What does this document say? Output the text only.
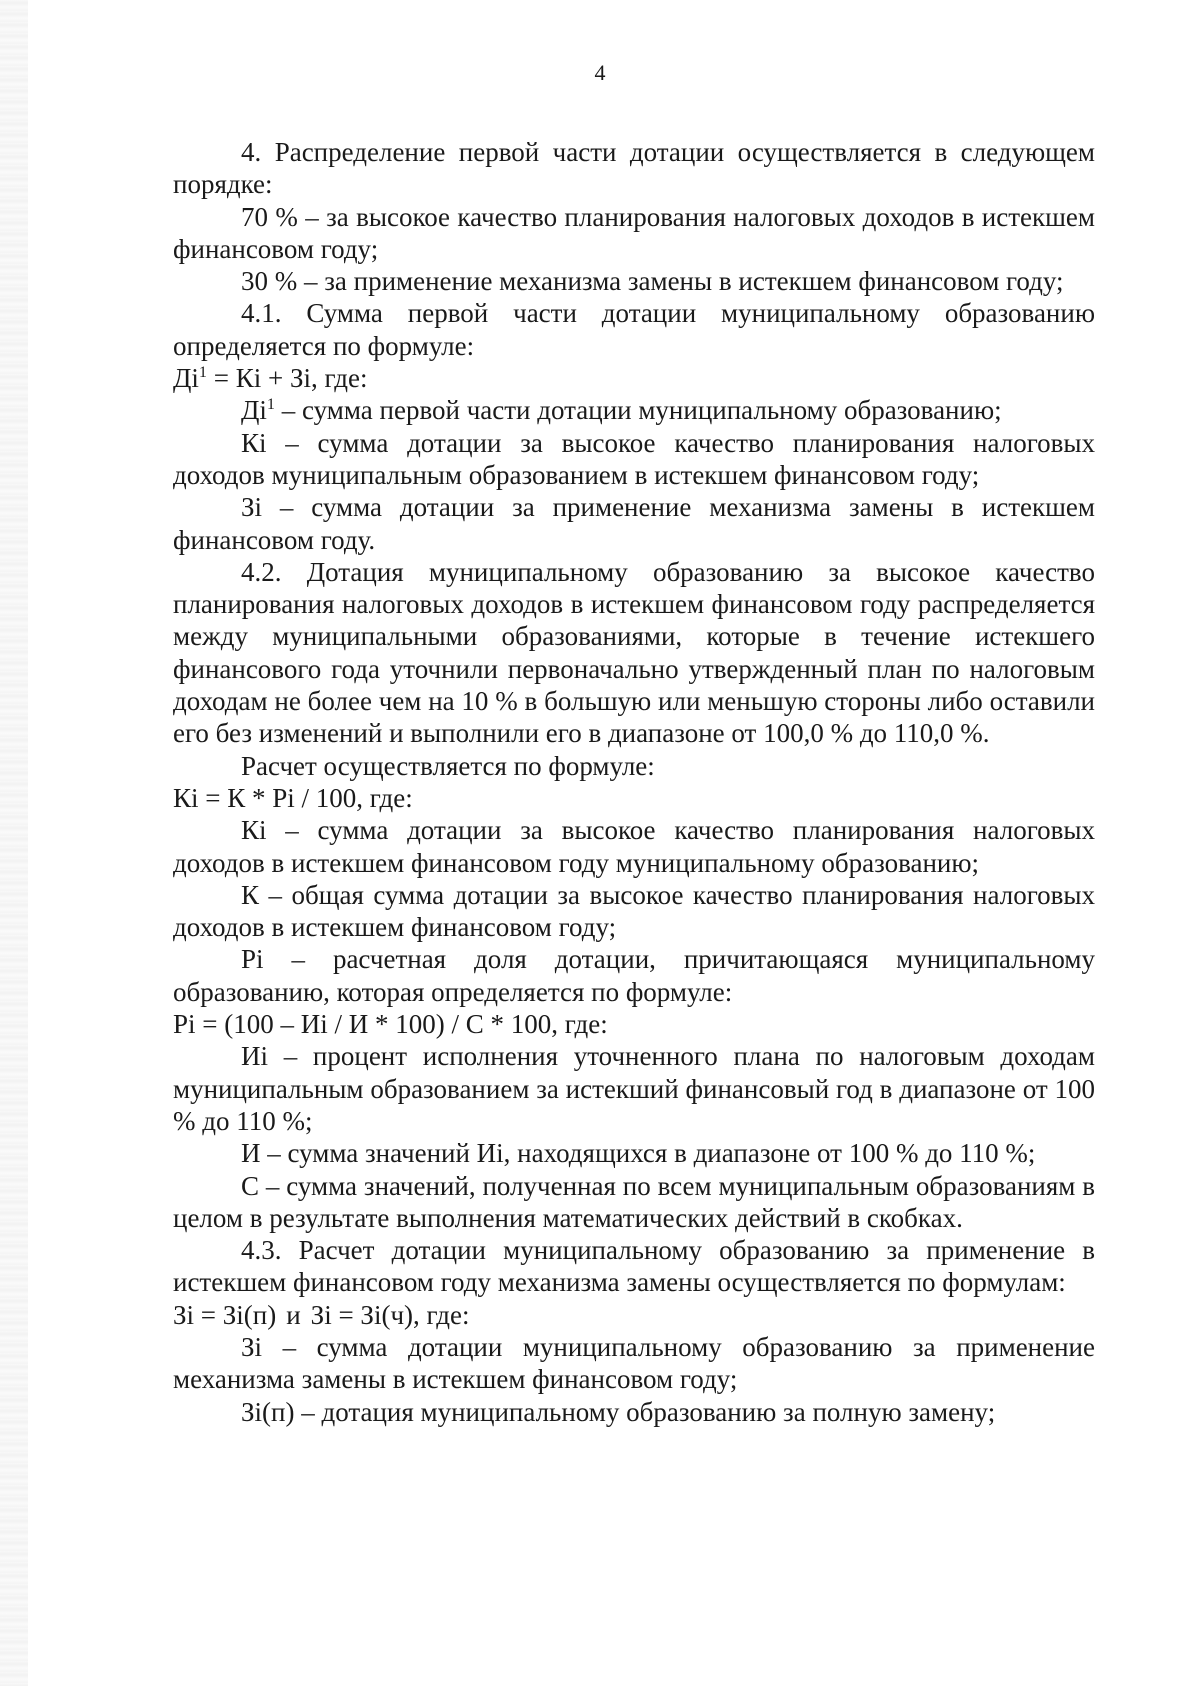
4

4. Распределение первой части дотации осуществляется в следующем порядке:

70 % – за высокое качество планирования налоговых доходов в истекшем финансовом году;

30 % – за применение механизма замены в истекшем финансовом году;

4.1. Сумма первой части дотации муниципальному образованию определяется по формуле:

$Дi^1$ = Кi + Зi, где:

$Дi^1$ – сумма первой части дотации муниципальному образованию;

Кi – сумма дотации за высокое качество планирования налоговых доходов муниципальным образованием в истекшем финансовом году;

Зi – сумма дотации за применение механизма замены в истекшем финансовом году.

4.2. Дотация муниципальному образованию за высокое качество планирования налоговых доходов в истекшем финансовом году распределяется между муниципальными образованиями, которые в течение истекшего финансового года уточнили первоначально утвержденный план по налоговым доходам не более чем на 10 % в большую или меньшую стороны либо оставили его без изменений и выполнили его в диапазоне от 100,0 % до 110,0 %.

Расчет осуществляется по формуле:

Кi = К * Pi / 100, где:

Кi – сумма дотации за высокое качество планирования налоговых доходов в истекшем финансовом году муниципальному образованию;

К – общая сумма дотации за высокое качество планирования налоговых доходов в истекшем финансовом году;

Pi – расчетная доля дотации, причитающаяся муниципальному образованию, которая определяется по формуле:

Pi = (100 – Иi / И * 100) / С * 100, где:

Иi – процент исполнения уточненного плана по налоговым доходам муниципальным образованием за истекший финансовый год в диапазоне от 100 % до 110 %;

И – сумма значений Иi, находящихся в диапазоне от 100 % до 110 %;

С – сумма значений, полученная по всем муниципальным образованиям в целом в результате выполнения математических действий в скобках.

4.3. Расчет дотации муниципальному образованию за применение в истекшем финансовом году механизма замены осуществляется по формулам:

Зi = Зi(п) и Зi = Зi(ч), где:

Зi – сумма дотации муниципальному образованию за применение механизма замены в истекшем финансовом году;

Зi(п) – дотация муниципальному образованию за полную замену;
